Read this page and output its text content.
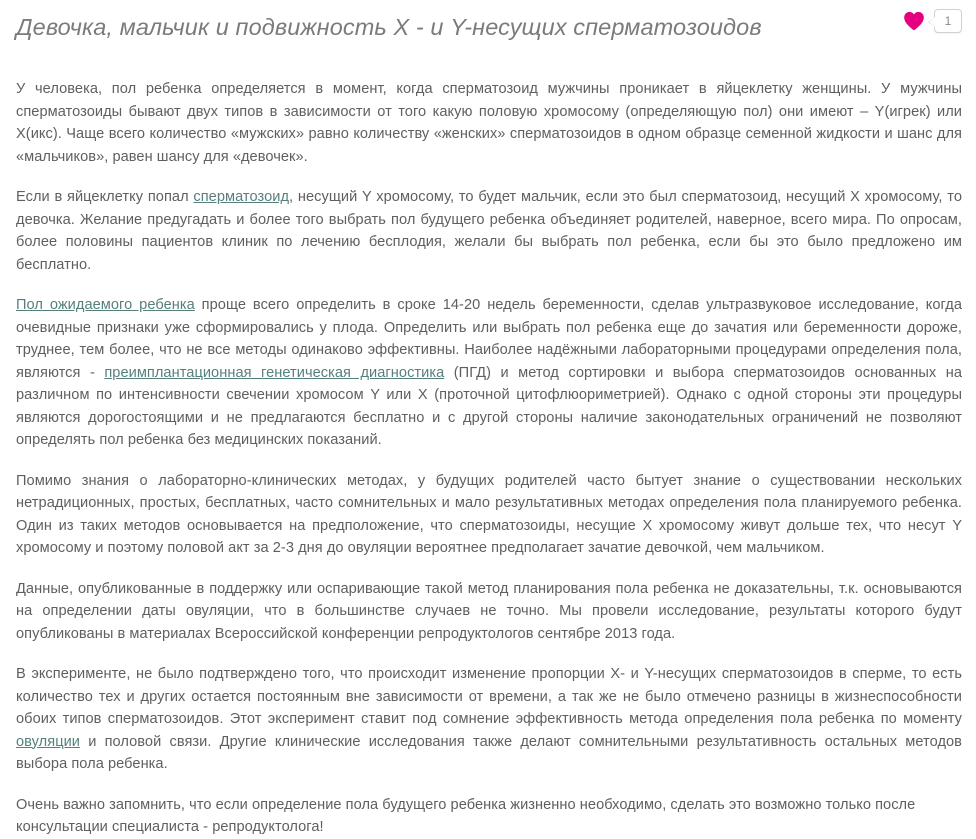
Девочка, мальчик и подвижность X - и Y-несущих сперматозоидов	1

У человека, пол ребенка определяется в момент, когда сперматозоид мужчины проникает в яйцеклетку женщины. У мужчины сперматозоиды бывают двух типов в зависимости от того какую половую хромосому (определяющую пол) они имеют – Y(игрек) или X(икс). Чаще всего количество «мужских» равно количеству «женских» сперматозоидов в одном образце семенной жидкости и шанс для «мальчиков», равен шансу для «девочек».

Если в яйцеклетку попал сперматозоид, несущий Y хромосому, то будет мальчик, если это был сперматозоид, несущий X хромосому, то девочка. Желание предугадать и более того выбрать пол будущего ребенка объединяет родителей, наверное, всего мира. По опросам, более половины пациентов клиник по лечению бесплодия, желали бы выбрать пол ребенка, если бы это было предложено им бесплатно.

Пол ожидаемого ребенка проще всего определить в сроке 14-20 недель беременности, сделав ультразвуковое исследование, когда очевидные признаки уже сформировались у плода. Определить или выбрать пол ребенка еще до зачатия или беременности дороже, труднее, тем более, что не все методы одинаково эффективны. Наиболее надёжными лабораторными процедурами определения пола, являются - преимплантационная генетическая диагностика (ПГД) и метод сортировки и выбора сперматозоидов основанных на различном по интенсивности свечении хромосом Y или X (проточной цитофлюориметрией). Однако с одной стороны эти процедуры являются дорогостоящими и не предлагаются бесплатно и с другой стороны наличие законодательных ограничений не позволяют определять пол ребенка без медицинских показаний.

Помимо знания о лабораторно-клинических методах, у будущих родителей часто бытует знание о существовании нескольких нетрадиционных, простых, бесплатных, часто сомнительных и мало результативных методах определения пола планируемого ребенка. Один из таких методов основывается на предположение, что сперматозоиды, несущие X хромосому живут дольше тех, что несут Y хромосому и поэтому половой акт за 2-3 дня до овуляции вероятнее предполагает зачатие девочкой, чем мальчиком.

Данные, опубликованные в поддержку или оспаривающие такой метод планирования пола ребенка не доказательны, т.к. основываются на определении даты овуляции, что в большинстве случаев не точно. Мы провели исследование, результаты которого будут опубликованы в материалах Всероссийской конференции репродуктологов сентябре 2013 года.

В эксперименте, не было подтверждено того, что происходит изменение пропорции X- и Y-несущих сперматозоидов в сперме, то есть количество тех и других остается постоянным вне зависимости от времени, а так же не было отмечено разницы в жизнеспособности обоих типов сперматозоидов. Этот эксперимент ставит под сомнение эффективность метода определения пола ребенка по моменту овуляции и половой связи. Другие клинические исследования также делают сомнительными результативность остальных методов выбора пола ребенка.

Очень важно запомнить, что если определение пола будущего ребенка жизненно необходимо, сделать это возможно только после консультации специалиста - репродуктолога!
